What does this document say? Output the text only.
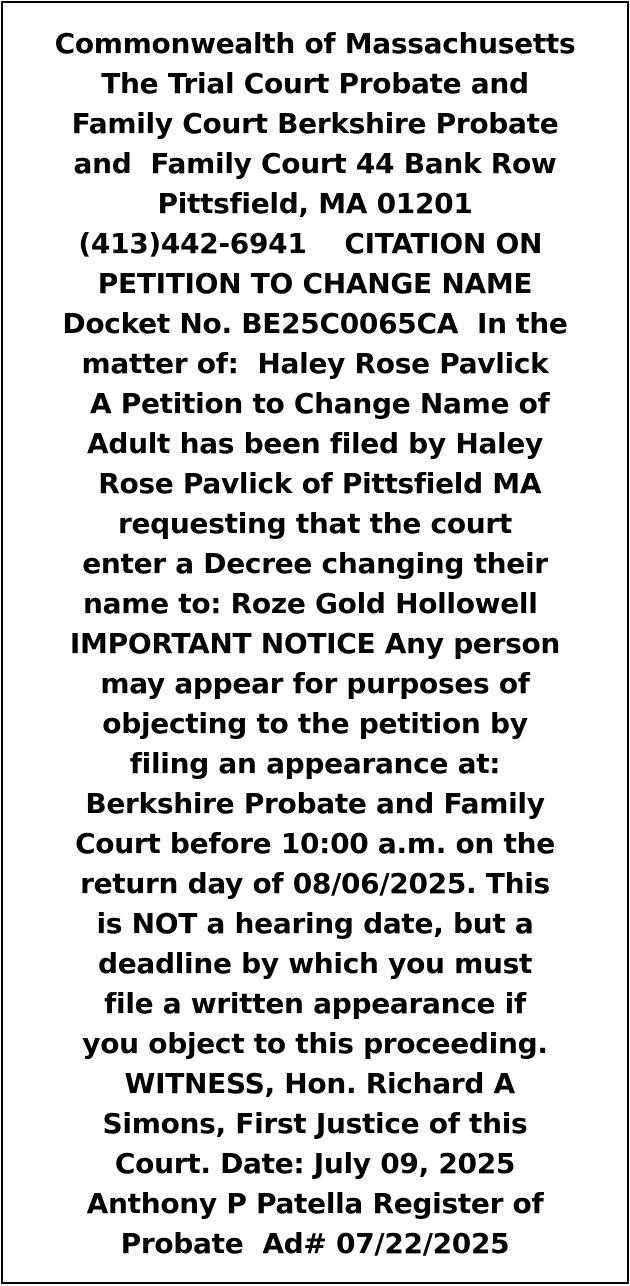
Commonwealth of Massachusetts
The Trial Court Probate and
Family Court Berkshire Probate
and  Family Court 44 Bank Row
Pittsfield, MA 01201
(413)442-6941    CITATION ON
PETITION TO CHANGE NAME
Docket No. BE25C0065CA  In the
matter of:  Haley Rose Pavlick
A Petition to Change Name of
Adult has been filed by Haley
Rose Pavlick of Pittsfield MA
requesting that the court
enter a Decree changing their
name to: Roze Gold Hollowell
IMPORTANT NOTICE Any person
may appear for purposes of
objecting to the petition by
filing an appearance at:
Berkshire Probate and Family
Court before 10:00 a.m. on the
return day of 08/06/2025. This
is NOT a hearing date, but a
deadline by which you must
file a written appearance if
you object to this proceeding.
WITNESS, Hon. Richard A
Simons, First Justice of this
Court. Date: July 09, 2025
Anthony P Patella Register of
Probate  Ad# 07/22/2025
